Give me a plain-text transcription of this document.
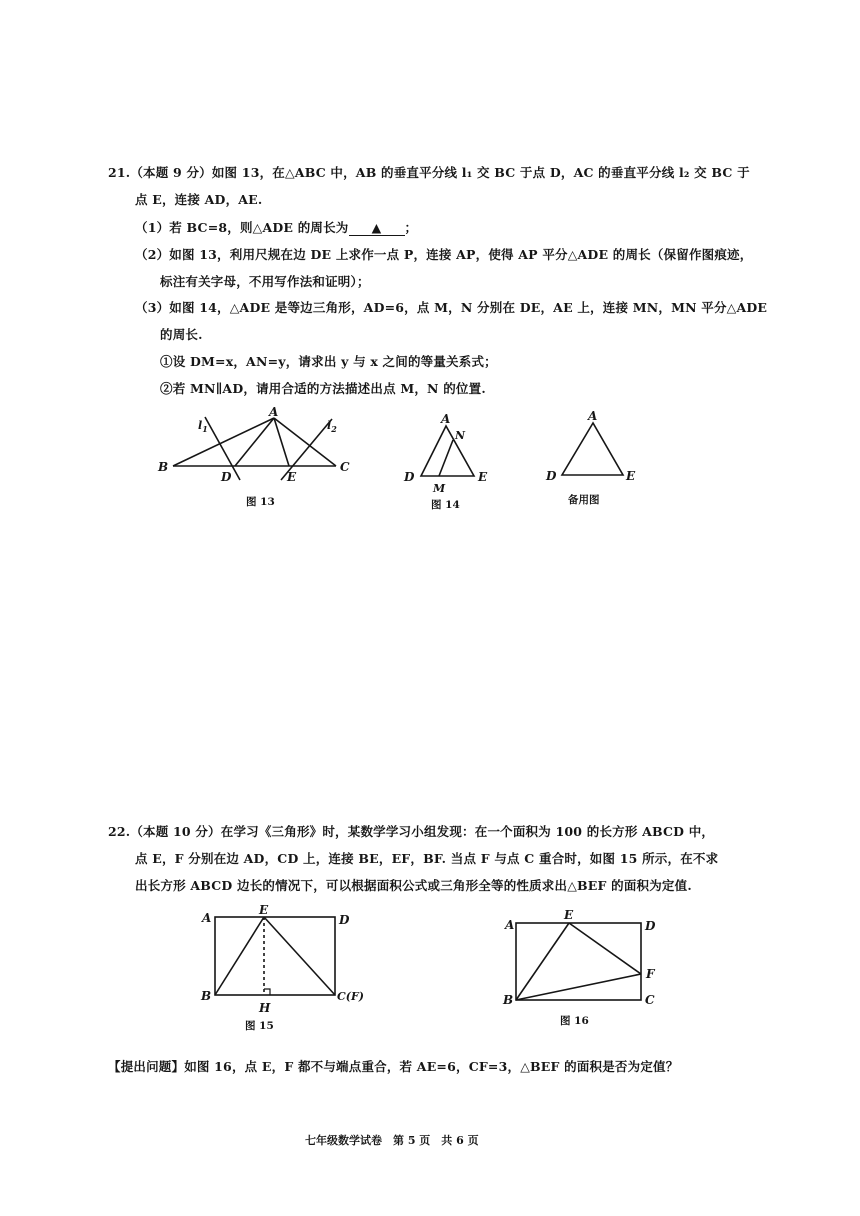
21.（本题 9 分）如图 13，在△ABC 中，AB 的垂直平分线 l₁ 交 BC 于点 D，AC 的垂直平分线 l₂ 交 BC 于
点 E，连接 AD，AE.
（1）若 BC=8，则△ADE 的周长为 ▲ ；
（2）如图 13，利用尺规在边 DE 上求作一点 P，连接 AP，使得 AP 平分△ADE 的周长（保留作图痕迹，
标注有关字母，不用写作法和证明）；
（3）如图 14，△ADE 是等边三角形，AD=6，点 M，N 分别在 DE，AE 上，连接 MN，MN 平分△ADE
的周长.
①设 DM=x，AN=y，请求出 y 与 x 之间的等量关系式；
②若 MN∥AD，请用合适的方法描述出点 M，N 的位置.
A
B	C
D	E
$l_1$	$l_2$
图 13
A
N
D	E
M
图 14
A
D	E
备用图
22.（本题 10 分）在学习《三角形》时，某数学学习小组发现：在一个面积为 100 的长方形 ABCD 中，
点 E，F 分别在边 AD，CD 上，连接 BE，EF，BF. 当点 F 与点 C 重合时，如图 15 所示，在不求
出长方形 ABCD 边长的情况下，可以根据面积公式或三角形全等的性质求出△BEF 的面积为定值.
A
E
D
B
H
C(F)
图 15
A
E
D
F
B	C
图 16
【提出问题】如图 16，点 E，F 都不与端点重合，若 AE=6，CF=3，△BEF 的面积是否为定值？
七年级数学试卷　第 5 页　共 6 页
